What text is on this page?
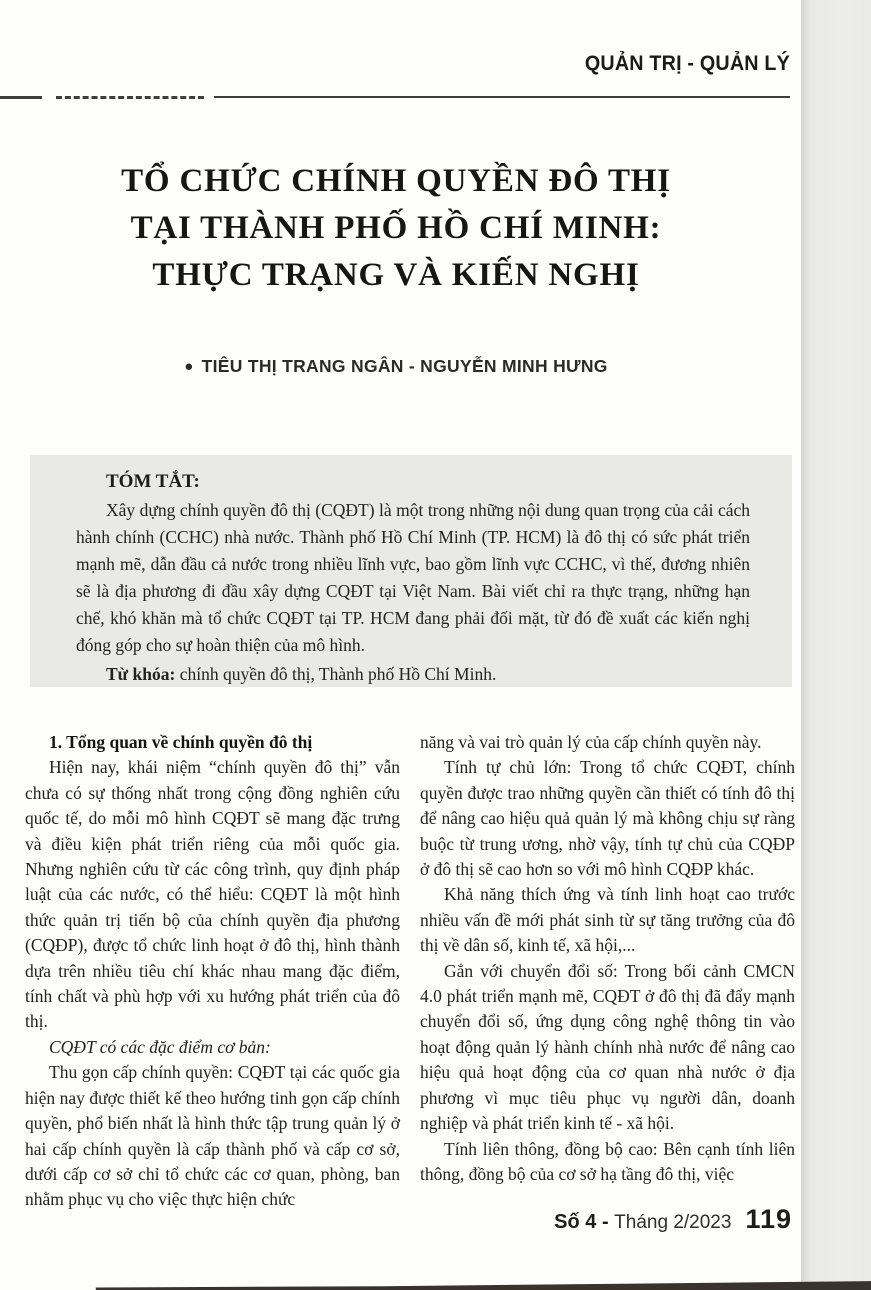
QUẢN TRỊ - QUẢN LÝ
TỔ CHỨC CHÍNH QUYỀN ĐÔ THỊ
TẠI THÀNH PHỐ HỒ CHÍ MINH:
THỰC TRẠNG VÀ KIẾN NGHỊ
● TIÊU THỊ TRANG NGÂN - NGUYỄN MINH HƯNG
TÓM TẮT:

Xây dựng chính quyền đô thị (CQĐT) là một trong những nội dung quan trọng của cải cách hành chính (CCHC) nhà nước. Thành phố Hồ Chí Minh (TP. HCM) là đô thị có sức phát triển mạnh mẽ, dẫn đầu cả nước trong nhiều lĩnh vực, bao gồm lĩnh vực CCHC, vì thế, đương nhiên sẽ là địa phương đi đầu xây dựng CQĐT tại Việt Nam. Bài viết chỉ ra thực trạng, những hạn chế, khó khăn mà tổ chức CQĐT tại TP. HCM đang phải đối mặt, từ đó đề xuất các kiến nghị đóng góp cho sự hoàn thiện của mô hình.

Từ khóa: chính quyền đô thị, Thành phố Hồ Chí Minh.

1. Tổng quan về chính quyền đô thị

Hiện nay, khái niệm “chính quyền đô thị” vẫn chưa có sự thống nhất trong cộng đồng nghiên cứu quốc tế, do mỗi mô hình CQĐT sẽ mang đặc trưng và điều kiện phát triển riêng của mỗi quốc gia. Nhưng nghiên cứu từ các công trình, quy định pháp luật của các nước, có thể hiểu: CQĐT là một hình thức quản trị tiến bộ của chính quyền địa phương (CQĐP), được tổ chức linh hoạt ở đô thị, hình thành dựa trên nhiều tiêu chí khác nhau mang đặc điểm, tính chất và phù hợp với xu hướng phát triển của đô thị.

CQĐT có các đặc điểm cơ bản:

Thu gọn cấp chính quyền: CQĐT tại các quốc gia hiện nay được thiết kế theo hướng tinh gọn cấp chính quyền, phổ biến nhất là hình thức tập trung quản lý ở hai cấp chính quyền là cấp thành phố và cấp cơ sở, dưới cấp cơ sở chỉ tổ chức các cơ quan, phòng, ban nhằm phục vụ cho việc thực hiện chức

năng và vai trò quản lý của cấp chính quyền này.

Tính tự chủ lớn: Trong tổ chức CQĐT, chính quyền được trao những quyền cần thiết có tính đô thị để nâng cao hiệu quả quản lý mà không chịu sự ràng buộc từ trung ương, nhờ vậy, tính tự chủ của CQĐP ở đô thị sẽ cao hơn so với mô hình CQĐP khác.

Khả năng thích ứng và tính linh hoạt cao trước nhiều vấn đề mới phát sinh từ sự tăng trưởng của đô thị về dân số, kinh tế, xã hội,...

Gắn với chuyển đổi số: Trong bối cảnh CMCN 4.0 phát triển mạnh mẽ, CQĐT ở đô thị đã đẩy mạnh chuyển đổi số, ứng dụng công nghệ thông tin vào hoạt động quản lý hành chính nhà nước để nâng cao hiệu quả hoạt động của cơ quan nhà nước ở địa phương vì mục tiêu phục vụ người dân, doanh nghiệp và phát triển kinh tế - xã hội.

Tính liên thông, đồng bộ cao: Bên cạnh tính liên thông, đồng bộ của cơ sở hạ tầng đô thị, việc

Số 4 - Tháng 2/2023 119
